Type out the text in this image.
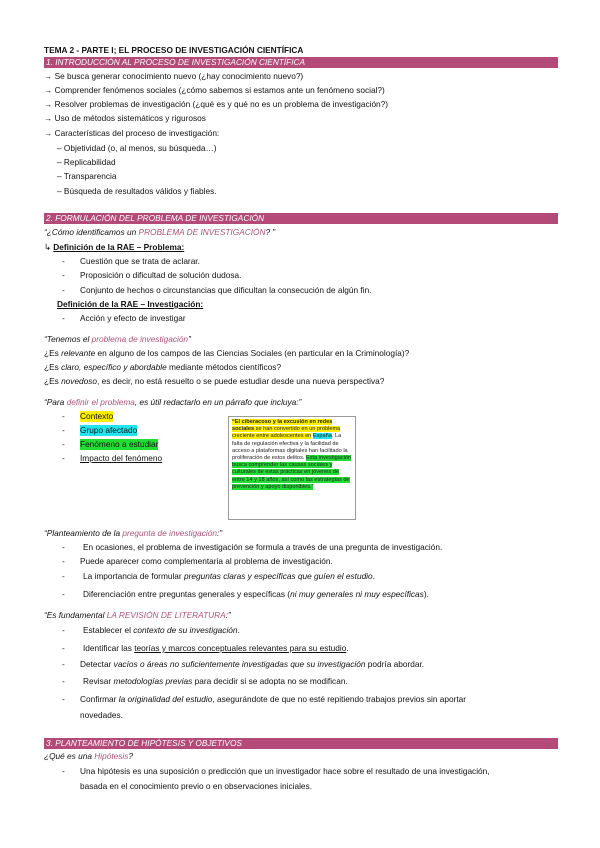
TEMA 2 - PARTE I; EL PROCESO DE INVESTIGACIÓN CIENTÍFICA
1. INTRODUCCIÓN AL PROCESO DE INVESTIGACIÓN CIENTÍFICA
→ Se busca generar conocimiento nuevo (¿hay conocimiento nuevo?)
→ Comprender fenómenos sociales (¿cómo sabemos si estamos ante un fenómeno social?)
→ Resolver problemas de investigación (¿qué es y qué no es un problema de investigación?)
→ Uso de métodos sistemáticos y rigurosos
→ Características del proceso de investigación:
– Objetividad (o, al menos, su búsqueda…)
– Replicabilidad
– Transparencia
– Búsqueda de resultados válidos y fiables.
2. FORMULACIÓN DEL PROBLEMA DE INVESTIGACIÓN
“¿Cómo identificamos un PROBLEMA DE INVESTIGACIÓN? ”
↳ Definición de la RAE – Problema:
- Cuestión que se trata de aclarar.
- Proposición o dificultad de solución dudosa.
- Conjunto de hechos o circunstancias que dificultan la consecución de algún fin.
Definición de la RAE – Investigación:
- Acción y efecto de investigar
“Tenemos el problema de investigación”
¿Es relevante en alguno de los campos de las Ciencias Sociales (en particular en la Criminología)?
¿Es claro, específico y abordable mediante métodos científicos?
¿Es novedoso, es decir, no está resuelto o se puede estudiar desde una nueva perspectiva?
“Para definir el problema, es útil redactarlo en un párrafo que incluya:”
- Contexto
- Grupo afectado
- Fenómeno a estudiar
- Impacto del fenómeno
“El ciberacoso y la excusión en redes sociales se han convertido en un problema creciente entre adolescentes en España. La falta de regulación efectiva y la facilidad de acceso a plataformas digitales han facilitado la proliferación de estos delitos. Esta investigación busca comprender las causas sociales y culturales de estas prácticas en jóvenes de entre 14 y 18 años, así como las estrategias de prevención y apoyo disponibles.”
“Planteamiento de la pregunta de investigación:”
- En ocasiones, el problema de investigación se formula a través de una pregunta de investigación.
- Puede aparecer como complementaria al problema de investigación.
- La importancia de formular preguntas claras y específicas que guíen el estudio.
- Diferenciación entre preguntas generales y específicas (ni muy generales ni muy específicas).
“Es fundamental LA REVISIÓN DE LITERATURA:”
- Establecer el contexto de su investigación.
- Identificar las teorías y marcos conceptuales relevantes para su estudio.
- Detectar vacíos o áreas no suficientemente investigadas que su investigación podría abordar.
- Revisar metodologías previas para decidir si se adopta no se modifican.
- Confirmar la originalidad del estudio, asegurándote de que no esté repitiendo trabajos previos sin aportar
novedades.
3. PLANTEAMIENTO DE HIPÓTESIS Y OBJETIVOS
¿Qué es una Hipótesis?
- Una hipótesis es una suposición o predicción que un investigador hace sobre el resultado de una investigación,
basada en el conocimiento previo o en observaciones iniciales.
